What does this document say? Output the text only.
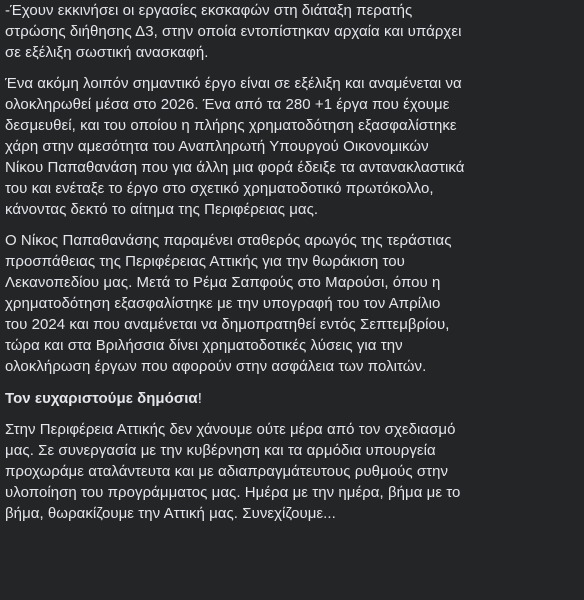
-Έχουν εκκινήσει οι εργασίες εκσκαφών στη διάταξη περατής
στρώσης διήθησης Δ3, στην οποία εντοπίστηκαν αρχαία και υπάρχει
σε εξέλιξη σωστική ανασκαφή.

Ένα ακόμη λοιπόν σημαντικό έργο είναι σε εξέλιξη και αναμένεται να
ολοκληρωθεί μέσα στο 2026. Ένα από τα 280 +1 έργα που έχουμε
δεσμευθεί, και του οποίου η πλήρης χρηματοδότηση εξασφαλίστηκε
χάρη στην αμεσότητα του Αναπληρωτή Υπουργού Οικονομικών
Νίκου Παπαθανάση που για άλλη μια φορά έδειξε τα αντανακλαστικά
του και ενέταξε το έργο στο σχετικό χρηματοδοτικό πρωτόκολλο,
κάνοντας δεκτό το αίτημα της Περιφέρειας μας.

Ο Νίκος Παπαθανάσης παραμένει σταθερός αρωγός της τεράστιας
προσπάθειας της Περιφέρειας Αττικής για την θωράκιση του
Λεκανοπεδίου μας. Μετά το Ρέμα Σαπφούς στο Μαρούσι, όπου η
χρηματοδότηση εξασφαλίστηκε με την υπογραφή του τον Απρίλιο
του 2024 και που αναμένεται να δημοπρατηθεί εντός Σεπτεμβρίου,
τώρα και στα Βριλήσσια δίνει χρηματοδοτικές λύσεις για την
ολοκλήρωση έργων που αφορούν στην ασφάλεια των πολιτών.

Τον ευχαριστούμε δημόσια!

Στην Περιφέρεια Αττικής δεν χάνουμε ούτε μέρα από τον σχεδιασμό
μας. Σε συνεργασία με την κυβέρνηση και τα αρμόδια υπουργεία
προχωράμε αταλάντευτα και με αδιαπραγμάτευτους ρυθμούς στην
υλοποίηση του προγράμματος μας. Ημέρα με την ημέρα, βήμα με το
βήμα, θωρακίζουμε την Αττική μας. Συνεχίζουμε...
